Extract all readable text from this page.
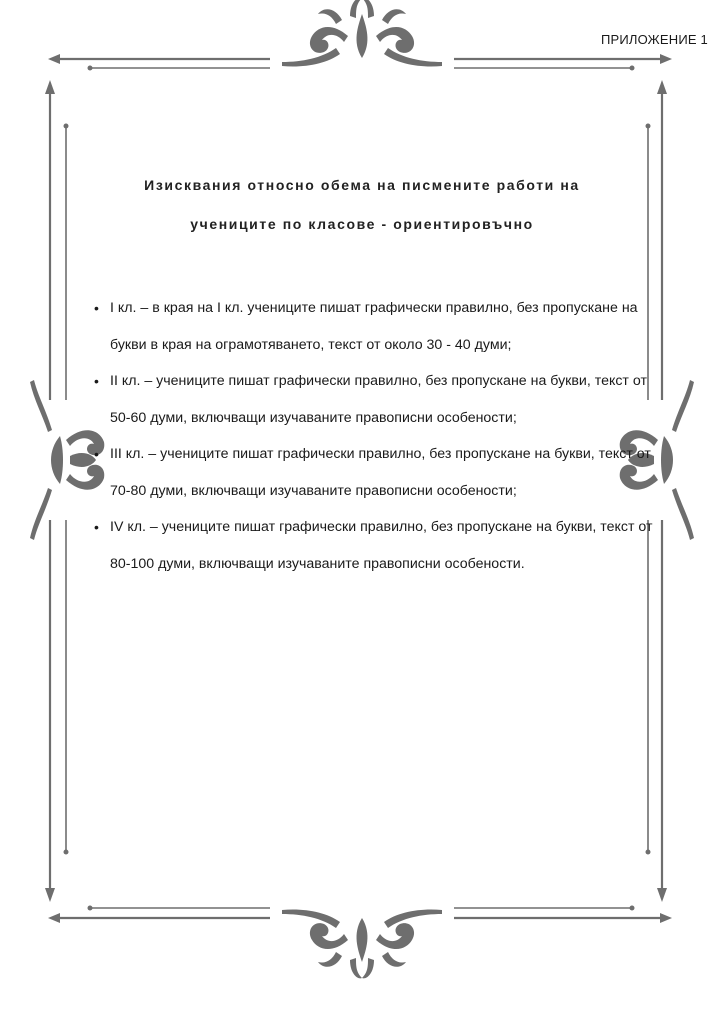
ПРИЛОЖЕНИЕ 1
Изисквания относно обема на писмените работи на
учениците по класове - ориентировъчно
• I кл. – в края на I кл. учениците пишат графически правилно, без пропускане на букви в края на ограмотяването, текст от около 30 - 40 думи;
• II кл. – учениците пишат графически правилно, без пропускане на букви, текст от 50-60 думи, включващи изучаваните правописни особености;
• III кл. – учениците пишат графически правилно, без пропускане на букви, текст от 70-80 думи, включващи изучаваните правописни особености;
• IV кл. – учениците пишат графически правилно, без пропускане на букви, текст от 80-100 думи, включващи изучаваните правописни особености.
